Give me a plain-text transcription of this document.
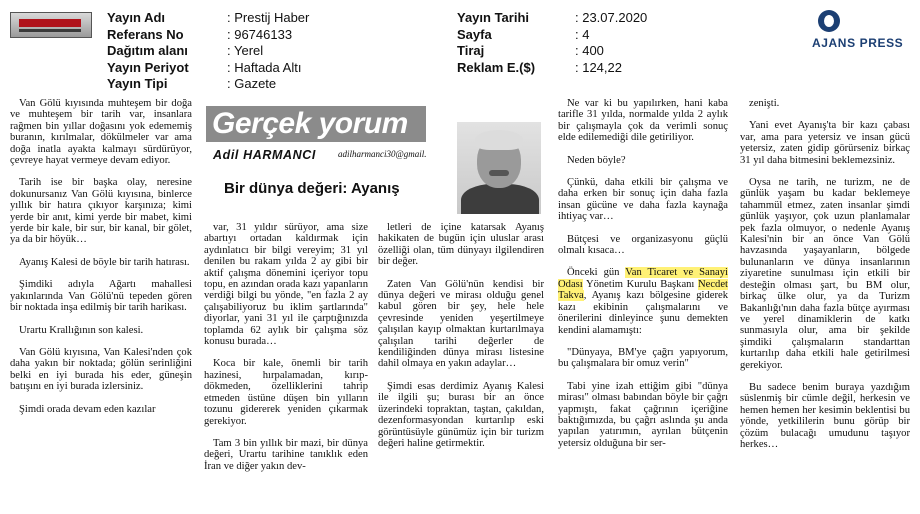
Yayın Adı	: Prestij Haber
Referans No	: 96746133
Dağıtım alanı	: Yerel
Yayın Periyot	: Haftada Altı
Yayın Tipi	: Gazete
Yayın Tarihi	: 23.07.2020
Sayfa	: 4
Tiraj	: 400
Reklam E.($)	: 124,22
AJANS PRESS

Van Gölü kıyısında muhteşem bir doğa ve muhteşem bir tarih var, insanlara rağmen bin yıllar doğasını yok edememiş buranın, kırılmalar, dökülmeler var ama doğa inatla ayakta kalmayı sürdürüyor, çevreye hayat vermeye devam ediyor.

Tarih ise bir başka olay, neresine dokunursanız Van Gölü kıyısına, binlerce yıllık bir hatıra çıkıyor karşınıza; kimi yerde bir anıt, kimi yerde bir mabet, kimi yerde bir kale, bir sur, bir kanal, bir gölet, ya da bir höyük…

Ayanış Kalesi de böyle bir tarih hatırası.

Şimdiki adıyla Ağartı mahallesi yakınlarında Van Gölü'nü tepeden gören bir noktada inşa edilmiş bir tarih harikası.

Urartu Krallığının son kalesi.

Van Gölü kıyısına, Van Kalesi'nden çok daha yakın bir noktada; gölün serinliğini belki en iyi burada his eder, güneşin batışını en iyi burada izlersiniz.

Şimdi orada devam eden kazılar

Gerçek yorum
Adil HARMANCI adilharmanci30@gmail.
Bir dünya değeri: Ayanış

var, 31 yıldır sürüyor, ama size abartıyı ortadan kaldırmak için aydınlatıcı bir bilgi vereyim; 31 yıl denilen bu rakam yılda 2 ay gibi bir aktif çalışma dönemini içeriyor topu topu, en azından orada kazı yapanların verdiği bilgi bu yönde, "en fazla 2 ay çalışabiliyoruz bu iklim şartlarında" diyorlar, yani 31 yıl ile çarptığınızda toplamda 62 aylık bir çalışma söz konusu burada…

Koca bir kale, önemli bir tarih hazinesi, hırpalamadan, kırıp-dökmeden, özelliklerini tahrip etmeden üstüne düşen bin yılların tozunu gidererek yeniden çıkarmak gerekiyor.

Tam 3 bin yıllık bir mazi, bir dünya değeri, Urartu tarihine tanıklık eden İran ve diğer yakın dev-

letleri de içine katarsak Ayanış hakikaten de bugün için uluslar arası özelliği olan, tüm dünyayı ilgilendiren bir değer.

Zaten Van Gölü'nün kendisi bir dünya değeri ve mirası olduğu genel kabul gören bir şey, hele hele çevresinde yeniden yeşertilmeye çalışılan kayıp olmaktan kurtarılmaya çalışılan tarihi değerler de kendiliğinden dünya mirası listesine dahil olmaya en yakın adaylar…

Şimdi esas derdimiz Ayanış Kalesi ile ilgili şu; burası bir an önce üzerindeki topraktan, taştan, çakıldan, dezenformasyondan kurtarılıp eski görüntüsüyle günümüz için bir turizm değeri haline getirmektir.

Ne var ki bu yapılırken, hani kaba tarifle 31 yılda, normalde yılda 2 aylık bir çalışmayla çok da verimli sonuç elde edilemediği dile getiriliyor.

Neden böyle?

Çünkü, daha etkili bir çalışma ve daha erken bir sonuç için daha fazla insan gücüne ve daha fazla kaynağa ihtiyaç var…

Bütçesi ve organizasyonu güçlü olmalı kısaca…

Önceki gün Van Ticaret ve Sanayi Odası Yönetim Kurulu Başkanı Necdet Takva, Ayanış kazı bölgesine giderek kazı ekibinin çalışmalarını ve önerilerini dinleyince şunu demekten kendini alamamıştı:

"Dünyaya, BM'ye çağrı yapıyorum, bu çalışmalara bir omuz verin"

Tabi yine izah ettiğim gibi "dünya mirası" olması babından böyle bir çağrı yapmıştı, fakat çağrının içeriğine baktığımızda, bu çağrı aslında şu anda yapılan yatırımın, ayrılan bütçenin yetersiz olduğuna bir ser-

zenişti.

Yani evet Ayanış'ta bir kazı çabası var, ama para yetersiz ve insan gücü yetersiz, zaten gidip görürseniz birkaç 31 yıl daha bitmesini beklemezsiniz.

Oysa ne tarih, ne turizm, ne de günlük yaşam bu kadar beklemeye tahammül etmez, zaten insanlar şimdi günlük yaşıyor, çok uzun planlamalar pek fazla olmuyor, o nedenle Ayanış Kalesi'nin bir an önce Van Gölü havzasında yaşayanların, bölgede bulunanların ve dünya insanlarının ziyaretine sunulması için etkili bir desteğin olması şart, bu BM olur, birkaç ülke olur, ya da Turizm Bakanlığı'nın daha fazla bütçe ayırması ve yerel dinamiklerin de katkı sunmasıyla olur, ama bir şekilde şimdiki çalışmaların standarttan kurtarılıp daha etkili hale getirilmesi gerekiyor.

Bu sadece benim buraya yazdığım süslenmiş bir cümle değil, herkesin ve hemen hemen her kesimin beklentisi bu yönde, yetkililerin bunu görüp bir çözüm bulacağı umudunu taşıyor herkes…
